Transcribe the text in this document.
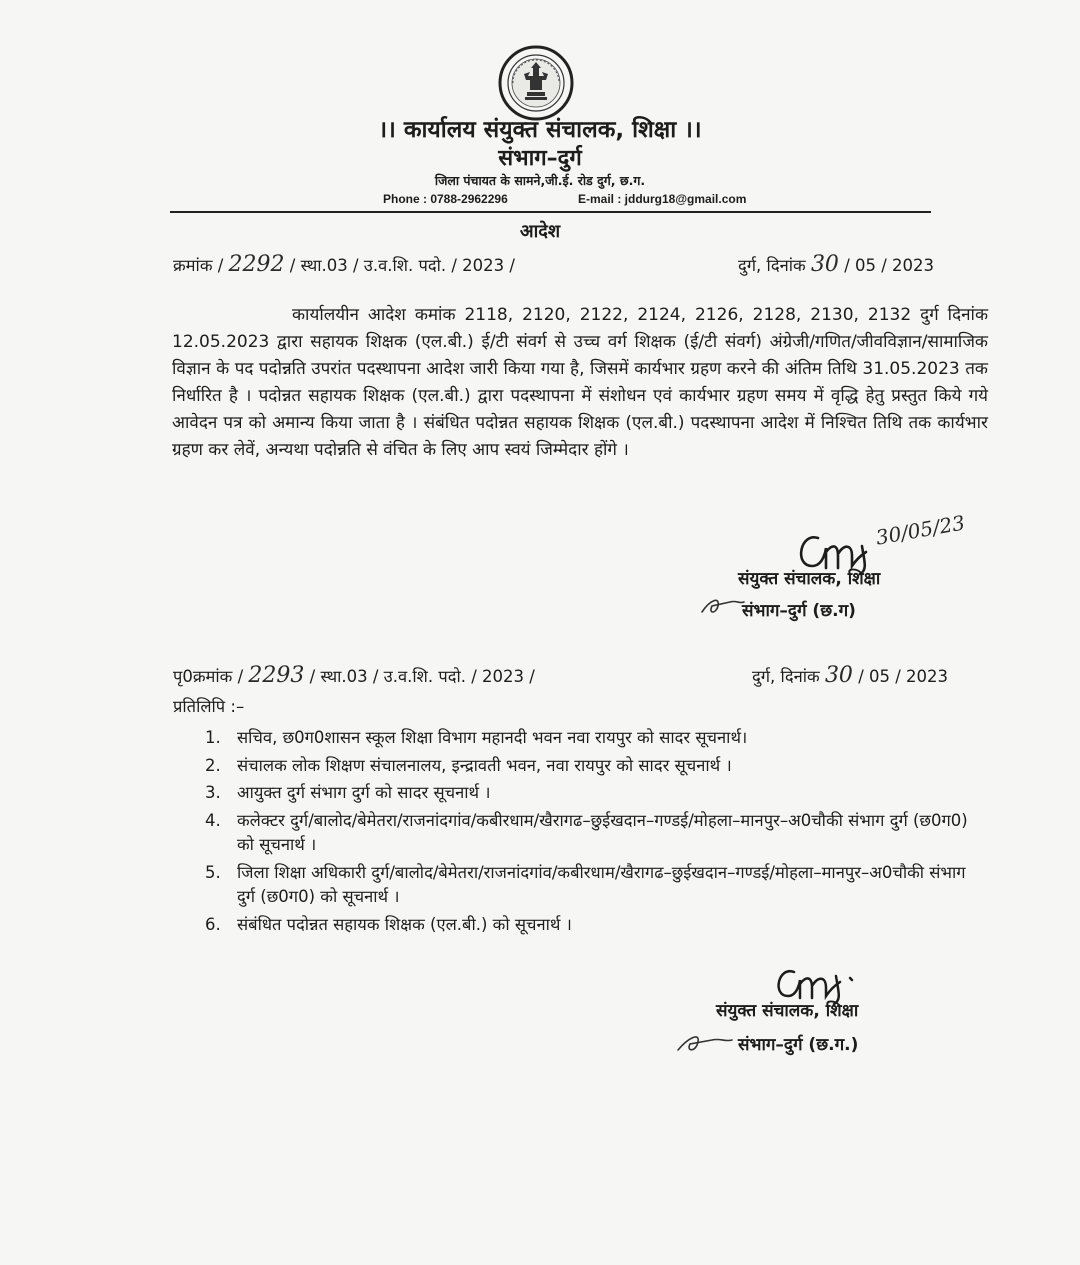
।। कार्यालय संयुक्त संचालक, शिक्षा ।।
संभाग–दुर्ग
जिला पंचायत के सामने,जी.ई. रोड दुर्ग, छ.ग.
Phone : 0788-2962296	E-mail : jddurg18@gmail.com
आदेश
क्रमांक / 2292 / स्था.03 / उ.व.शि. पदो. / 2023 /	दुर्ग, दिनांक 30 / 05 / 2023

कार्यालयीन आदेश कमांक 2118, 2120, 2122, 2124, 2126, 2128, 2130, 2132 दुर्ग दिनांक 12.05.2023 द्वारा सहायक शिक्षक (एल.बी.) ई/टी संवर्ग से उच्च वर्ग शिक्षक (ई/टी संवर्ग) अंग्रेजी/गणित/जीवविज्ञान/सामाजिक विज्ञान के पद पदोन्नति उपरांत पदस्थापना आदेश जारी किया गया है, जिसमें कार्यभार ग्रहण करने की अंतिम तिथि 31.05.2023 तक निर्धारित है । पदोन्नत सहायक शिक्षक (एल.बी.) द्वारा पदस्थापना में संशोधन एवं कार्यभार ग्रहण समय में वृद्धि हेतु प्रस्तुत किये गये आवेदन पत्र को अमान्य किया जाता है । संबंधित पदोन्नत सहायक शिक्षक (एल.बी.) पदस्थापना आदेश में निश्चित तिथि तक कार्यभार ग्रहण कर लेवें, अन्यथा पदोन्नति से वंचित के लिए आप स्वयं जिम्मेदार होंगे ।

30/05/23
संयुक्त संचालक, शिक्षा
संभाग–दुर्ग (छ.ग)
पृ0क्रमांक / 2293 / स्था.03 / उ.व.शि. पदो. / 2023 /	दुर्ग, दिनांक 30 / 05 / 2023
प्रतिलिपि :–
1. सचिव, छ0ग0शासन स्कूल शिक्षा विभाग महानदी भवन नवा रायपुर को सादर सूचनार्थ।
2. संचालक लोक शिक्षण संचालनालय, इन्द्रावती भवन, नवा रायपुर को सादर सूचनार्थ ।
3. आयुक्त दुर्ग संभाग दुर्ग को सादर सूचनार्थ ।
4. कलेक्टर दुर्ग/बालोद/बेमेतरा/राजनांदगांव/कबीरधाम/खैरागढ–छुईखदान–गण्डई/मोहला–मानपुर–अ0चौकी संभाग दुर्ग (छ0ग0) को सूचनार्थ ।
5. जिला शिक्षा अधिकारी दुर्ग/बालोद/बेमेतरा/राजनांदगांव/कबीरधाम/खैरागढ–छुईखदान–गण्डई/मोहला–मानपुर–अ0चौकी संभाग दुर्ग (छ0ग0) को सूचनार्थ ।
6. संबंधित पदोन्नत सहायक शिक्षक (एल.बी.) को सूचनार्थ ।
संयुक्त संचालक, शिक्षा
संभाग–दुर्ग (छ.ग.)
